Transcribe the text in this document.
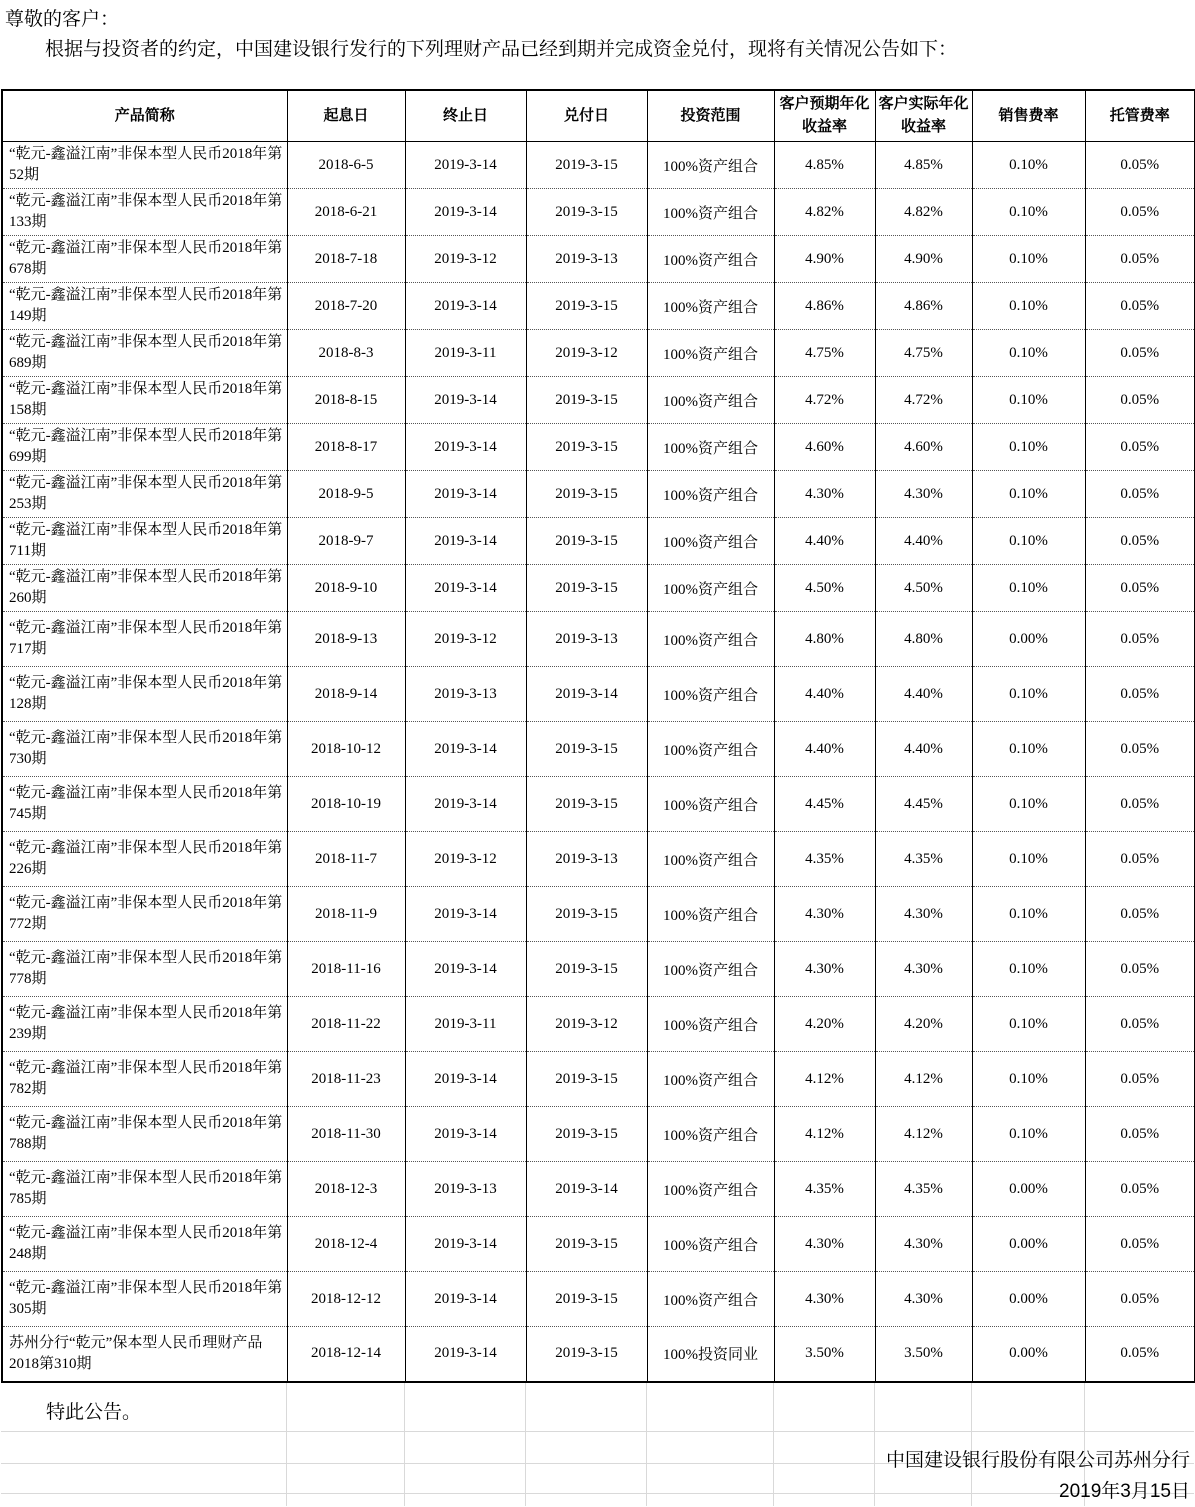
尊敬的客户：
根据与投资者的约定，中国建设银行发行的下列理财产品已经到期并完成资金兑付，现将有关情况公告如下：
产品简称	起息日	终止日	兑付日	投资范围	客户预期年化收益率	客户实际年化收益率	销售费率	托管费率
“乾元-鑫溢江南”非保本型人民币2018年第52期	2018-6-5	2019-3-14	2019-3-15	100%资产组合	4.85%	4.85%	0.10%	0.05%
“乾元-鑫溢江南”非保本型人民币2018年第133期	2018-6-21	2019-3-14	2019-3-15	100%资产组合	4.82%	4.82%	0.10%	0.05%
“乾元-鑫溢江南”非保本型人民币2018年第678期	2018-7-18	2019-3-12	2019-3-13	100%资产组合	4.90%	4.90%	0.10%	0.05%
“乾元-鑫溢江南”非保本型人民币2018年第149期	2018-7-20	2019-3-14	2019-3-15	100%资产组合	4.86%	4.86%	0.10%	0.05%
“乾元-鑫溢江南”非保本型人民币2018年第689期	2018-8-3	2019-3-11	2019-3-12	100%资产组合	4.75%	4.75%	0.10%	0.05%
“乾元-鑫溢江南”非保本型人民币2018年第158期	2018-8-15	2019-3-14	2019-3-15	100%资产组合	4.72%	4.72%	0.10%	0.05%
“乾元-鑫溢江南”非保本型人民币2018年第699期	2018-8-17	2019-3-14	2019-3-15	100%资产组合	4.60%	4.60%	0.10%	0.05%
“乾元-鑫溢江南”非保本型人民币2018年第253期	2018-9-5	2019-3-14	2019-3-15	100%资产组合	4.30%	4.30%	0.10%	0.05%
“乾元-鑫溢江南”非保本型人民币2018年第711期	2018-9-7	2019-3-14	2019-3-15	100%资产组合	4.40%	4.40%	0.10%	0.05%
“乾元-鑫溢江南”非保本型人民币2018年第260期	2018-9-10	2019-3-14	2019-3-15	100%资产组合	4.50%	4.50%	0.10%	0.05%
“乾元-鑫溢江南”非保本型人民币2018年第717期	2018-9-13	2019-3-12	2019-3-13	100%资产组合	4.80%	4.80%	0.00%	0.05%
“乾元-鑫溢江南”非保本型人民币2018年第128期	2018-9-14	2019-3-13	2019-3-14	100%资产组合	4.40%	4.40%	0.10%	0.05%
“乾元-鑫溢江南”非保本型人民币2018年第730期	2018-10-12	2019-3-14	2019-3-15	100%资产组合	4.40%	4.40%	0.10%	0.05%
“乾元-鑫溢江南”非保本型人民币2018年第745期	2018-10-19	2019-3-14	2019-3-15	100%资产组合	4.45%	4.45%	0.10%	0.05%
“乾元-鑫溢江南”非保本型人民币2018年第226期	2018-11-7	2019-3-12	2019-3-13	100%资产组合	4.35%	4.35%	0.10%	0.05%
“乾元-鑫溢江南”非保本型人民币2018年第772期	2018-11-9	2019-3-14	2019-3-15	100%资产组合	4.30%	4.30%	0.10%	0.05%
“乾元-鑫溢江南”非保本型人民币2018年第778期	2018-11-16	2019-3-14	2019-3-15	100%资产组合	4.30%	4.30%	0.10%	0.05%
“乾元-鑫溢江南”非保本型人民币2018年第239期	2018-11-22	2019-3-11	2019-3-12	100%资产组合	4.20%	4.20%	0.10%	0.05%
“乾元-鑫溢江南”非保本型人民币2018年第782期	2018-11-23	2019-3-14	2019-3-15	100%资产组合	4.12%	4.12%	0.10%	0.05%
“乾元-鑫溢江南”非保本型人民币2018年第788期	2018-11-30	2019-3-14	2019-3-15	100%资产组合	4.12%	4.12%	0.10%	0.05%
“乾元-鑫溢江南”非保本型人民币2018年第785期	2018-12-3	2019-3-13	2019-3-14	100%资产组合	4.35%	4.35%	0.00%	0.05%
“乾元-鑫溢江南”非保本型人民币2018年第248期	2018-12-4	2019-3-14	2019-3-15	100%资产组合	4.30%	4.30%	0.00%	0.05%
“乾元-鑫溢江南”非保本型人民币2018年第305期	2018-12-12	2019-3-14	2019-3-15	100%资产组合	4.30%	4.30%	0.00%	0.05%
苏州分行“乾元”保本型人民币理财产品2018第310期	2018-12-14	2019-3-14	2019-3-15	100%投资同业	3.50%	3.50%	0.00%	0.05%
特此公告。
中国建设银行股份有限公司苏州分行
2019年3月15日
